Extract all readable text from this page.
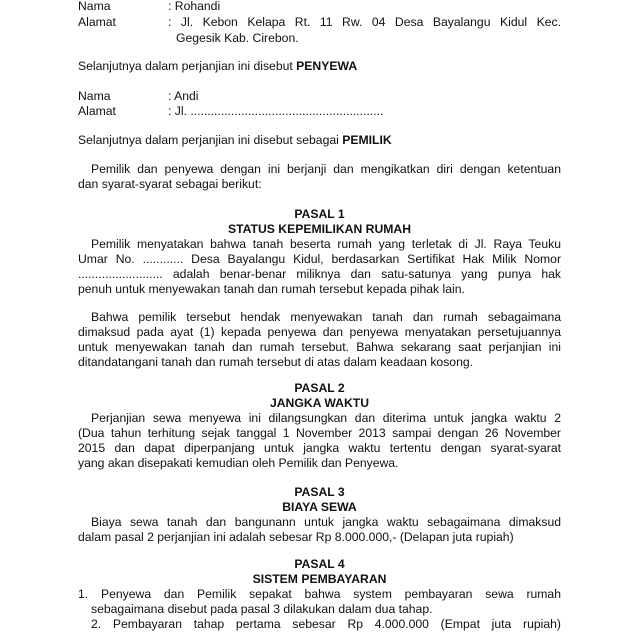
Nama	: Rohandi
Alamat	: Jl. Kebon Kelapa Rt. 11 Rw. 04 Desa Bayalangu Kidul Kec.
Gegesik Kab. Cirebon.
Selanjutnya dalam perjanjian ini disebut PENYEWA
Nama	: Andi
Alamat	: Jl. .........................................................
Selanjutnya dalam perjanjian ini disebut sebagai PEMILIK
Pemilik dan penyewa dengan ini berjanji dan mengikatkan diri dengan ketentuan
dan syarat-syarat sebagai berikut:
PASAL 1
STATUS KEPEMILIKAN RUMAH
Pemilik menyatakan bahwa tanah beserta rumah yang terletak di Jl. Raya Teuku
Umar No. ............ Desa Bayalangu Kidul, berdasarkan Sertifikat Hak Milik Nomor
......................... adalah benar-benar miliknya dan satu-satunya yang punya hak
penuh untuk menyewakan tanah dan rumah tersebut kepada pihak lain.
Bahwa pemilik tersebut hendak menyewakan tanah dan rumah sebagaimana
dimaksud pada ayat (1) kepada penyewa dan penyewa menyatakan persetujuannya
untuk menyewakan tanah dan rumah tersebut. Bahwa sekarang saat perjanjian ini
ditandatangani tanah dan rumah tersebut di atas dalam keadaan kosong.
PASAL 2
JANGKA WAKTU
Perjanjian sewa menyewa ini dilangsungkan dan diterima untuk jangka waktu 2
(Dua tahun terhitung sejak tanggal 1 November 2013 sampai dengan 26 November
2015 dan dapat diperpanjang untuk jangka waktu tertentu dengan syarat-syarat
yang akan disepakati kemudian oleh Pemilik dan Penyewa.
PASAL 3
BIAYA SEWA
Biaya sewa tanah dan bangunann untuk jangka waktu sebagaimana dimaksud
dalam pasal 2 perjanjian ini adalah sebesar Rp 8.000.000,- (Delapan juta rupiah)
PASAL 4
SISTEM PEMBAYARAN
1. Penyewa dan Pemilik sepakat bahwa system pembayaran sewa rumah
sebagaimana disebut pada pasal 3 dilakukan dalam dua tahap.
2. Pembayaran tahap pertama sebesar Rp 4.000.000 (Empat juta rupiah)
